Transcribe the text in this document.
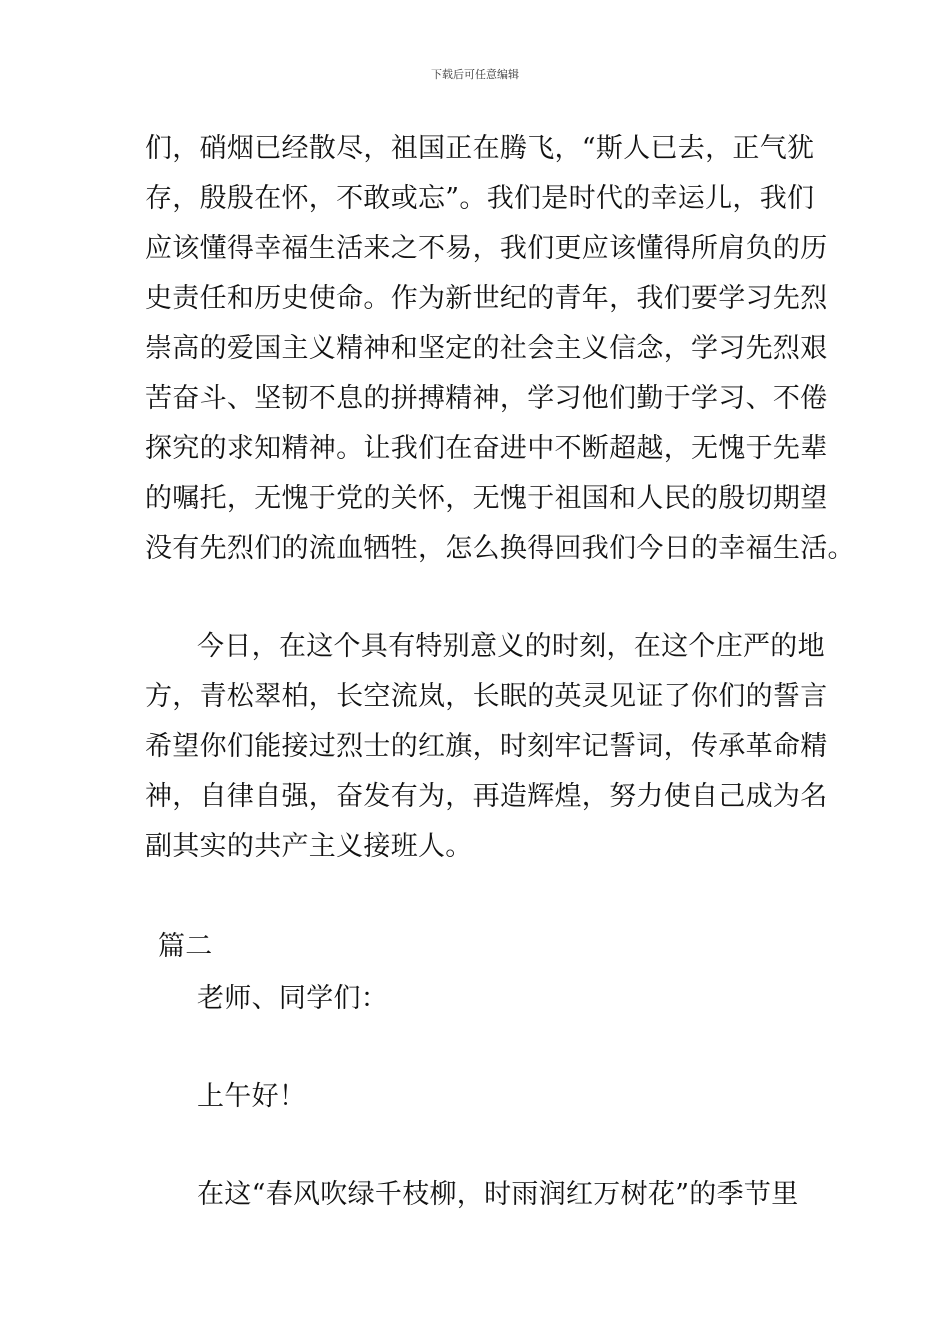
下载后可任意编辑
们，硝烟已经散尽，祖国正在腾飞，“斯人已去，正气犹
存，殷殷在怀，不敢或忘”。我们是时代的幸运儿，我们
应该懂得幸福生活来之不易，我们更应该懂得所肩负的历
史责任和历史使命。作为新世纪的青年，我们要学习先烈
崇高的爱国主义精神和坚定的社会主义信念，学习先烈艰
苦奋斗、坚韧不息的拼搏精神，学习他们勤于学习、不倦
探究的求知精神。让我们在奋进中不断超越，无愧于先辈
的嘱托，无愧于党的关怀，无愧于祖国和人民的殷切期望
没有先烈们的流血牺牲，怎么换得回我们今日的幸福生活。
今日，在这个具有特别意义的时刻，在这个庄严的地
方，青松翠柏，长空流岚，长眠的英灵见证了你们的誓言
希望你们能接过烈士的红旗，时刻牢记誓词，传承革命精
神，自律自强，奋发有为，再造辉煌，努力使自己成为名
副其实的共产主义接班人。
篇二
老师、同学们：
上午好！
在这“春风吹绿千枝柳，时雨润红万树花”的季节里
